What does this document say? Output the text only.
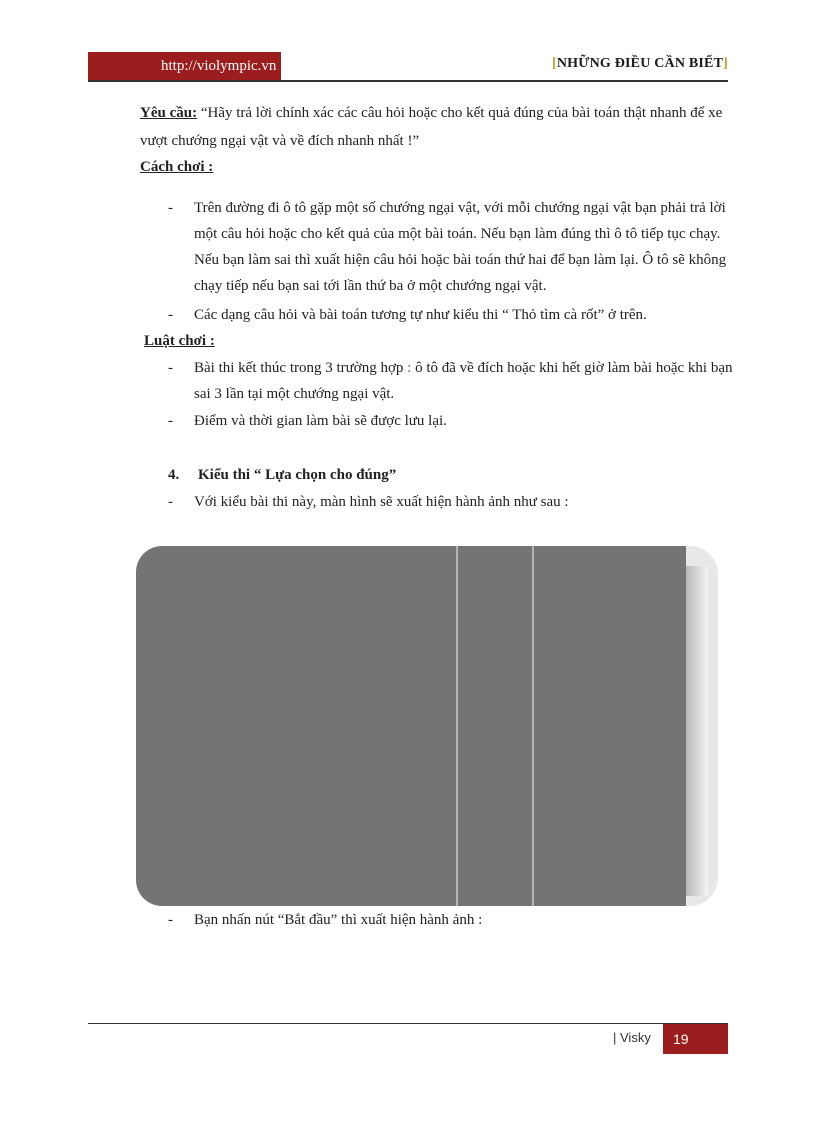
http://violympic.vn	[NHỮNG ĐIỀU CẦN BIẾT]
Yêu cầu: “Hãy trả lời chính xác các câu hỏi hoặc cho kết quả đúng của bài toán thật nhanh để xe
vượt chướng ngại vật và về đích nhanh nhất !”
Cách chơi :
- Trên đường đi ô tô gặp một số chướng ngại vật, với mỗi chướng ngại vật bạn phải trả lời
một câu hỏi hoặc cho kết quả của một bài toán. Nếu bạn làm đúng thì ô tô tiếp tục chạy.
Nếu bạn làm sai thì xuất hiện câu hỏi hoặc bài toán thứ hai để bạn làm lại. Ô tô sẽ không
chạy tiếp nếu bạn sai tới lần thứ ba ở một chướng ngại vật.
- Các dạng câu hỏi và bài toán tương tự như kiểu thi “ Thỏ tìm cà rốt” ở trên.
Luật chơi :
- Bài thi kết thúc trong 3 trường hợp : ô tô đã về đích hoặc khi hết giờ làm bài hoặc khi bạn
sai 3 lần tại một chướng ngại vật.
- Điểm và thời gian làm bài sẽ được lưu lại.
4. Kiểu thi “ Lựa chọn cho đúng”
- Với kiểu bài thi này, màn hình sẽ xuất hiện hành ảnh như sau :
- Bạn nhấn nút “Bắt đầu” thì xuất hiện hành ảnh :
| Visky	19
